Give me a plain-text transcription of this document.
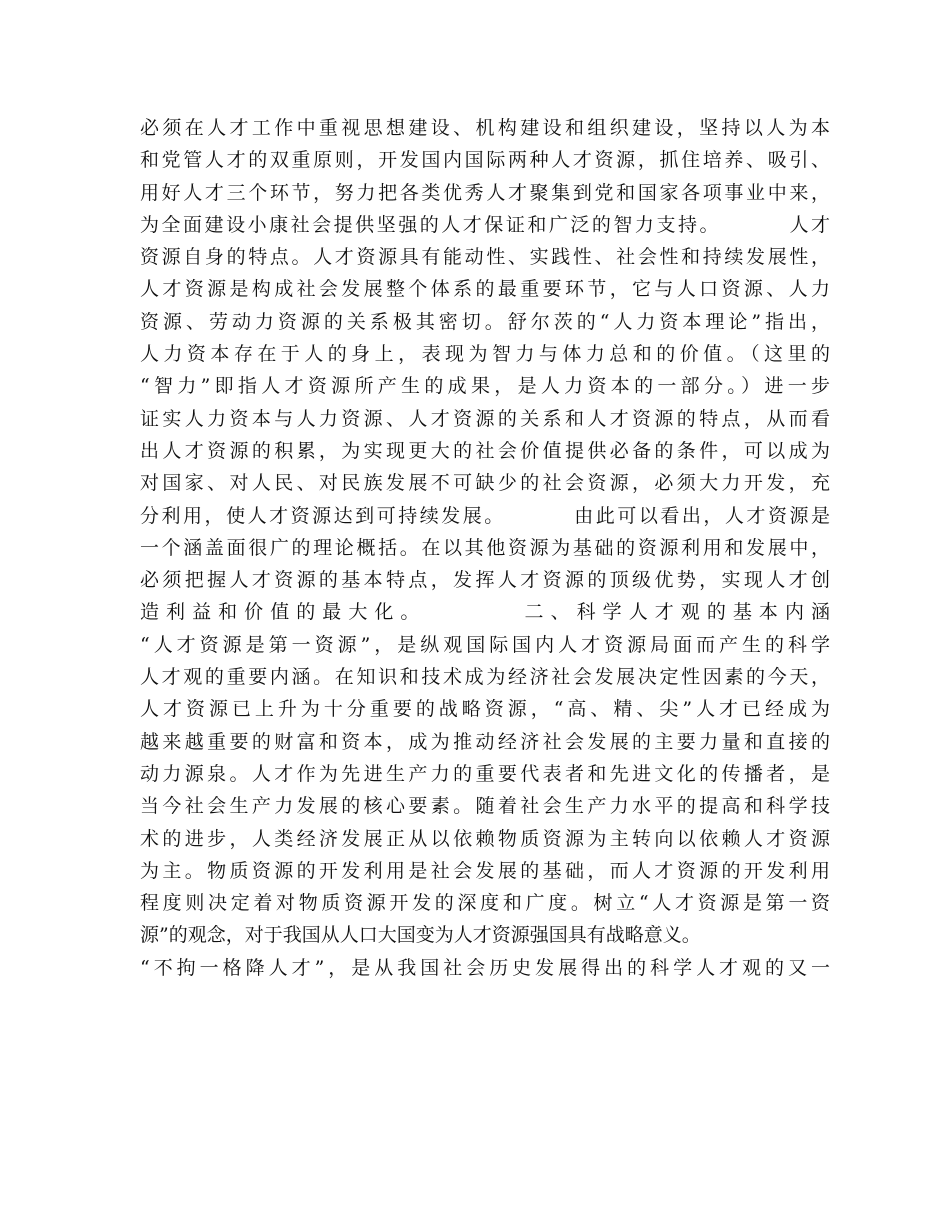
必须在人才工作中重视思想建设、机构建设和组织建设，坚持以人为本
和党管人才的双重原则，开发国内国际两种人才资源，抓住培养、吸引、
用好人才三个环节，努力把各类优秀人才聚集到党和国家各项事业中来，
为全面建设小康社会提供坚强的人才保证和广泛的智力支持。        人才
资源自身的特点。人才资源具有能动性、实践性、社会性和持续发展性，
人才资源是构成社会发展整个体系的最重要环节，它与人口资源、人力
资源、劳动力资源的关系极其密切。舒尔茨的“人力资本理论”指出，
人力资本存在于人的身上，表现为智力与体力总和的价值。（这里的
“智力”即指人才资源所产生的成果，是人力资本的一部分。）进一步
证实人力资本与人力资源、人才资源的关系和人才资源的特点，从而看
出人才资源的积累，为实现更大的社会价值提供必备的条件，可以成为
对国家、对人民、对民族发展不可缺少的社会资源，必须大力开发，充
分利用，使人才资源达到可持续发展。        由此可以看出，人才资源是
一个涵盖面很广的理论概括。在以其他资源为基础的资源利用和发展中，
必须把握人才资源的基本特点，发挥人才资源的顶级优势，实现人才创
造 利 益 和 价 值 的 最 大 化 。                二 、 科 学 人 才 观 的 基 本 内 涵
“人才资源是第一资源”，是纵观国际国内人才资源局面而产生的科学
人才观的重要内涵。在知识和技术成为经济社会发展决定性因素的今天，
人才资源已上升为十分重要的战略资源，“高、精、尖”人才已经成为
越来越重要的财富和资本，成为推动经济社会发展的主要力量和直接的
动力源泉。人才作为先进生产力的重要代表者和先进文化的传播者，是
当今社会生产力发展的核心要素。随着社会生产力水平的提高和科学技
术的进步，人类经济发展正从以依赖物质资源为主转向以依赖人才资源
为主。物质资源的开发利用是社会发展的基础，而人才资源的开发利用
程度则决定着对物质资源开发的深度和广度。树立“人才资源是第一资
源”的观念，对于我国从人口大国变为人才资源强国具有战略意义。
“不拘一格降人才”，是从我国社会历史发展得出的科学人才观的又一
